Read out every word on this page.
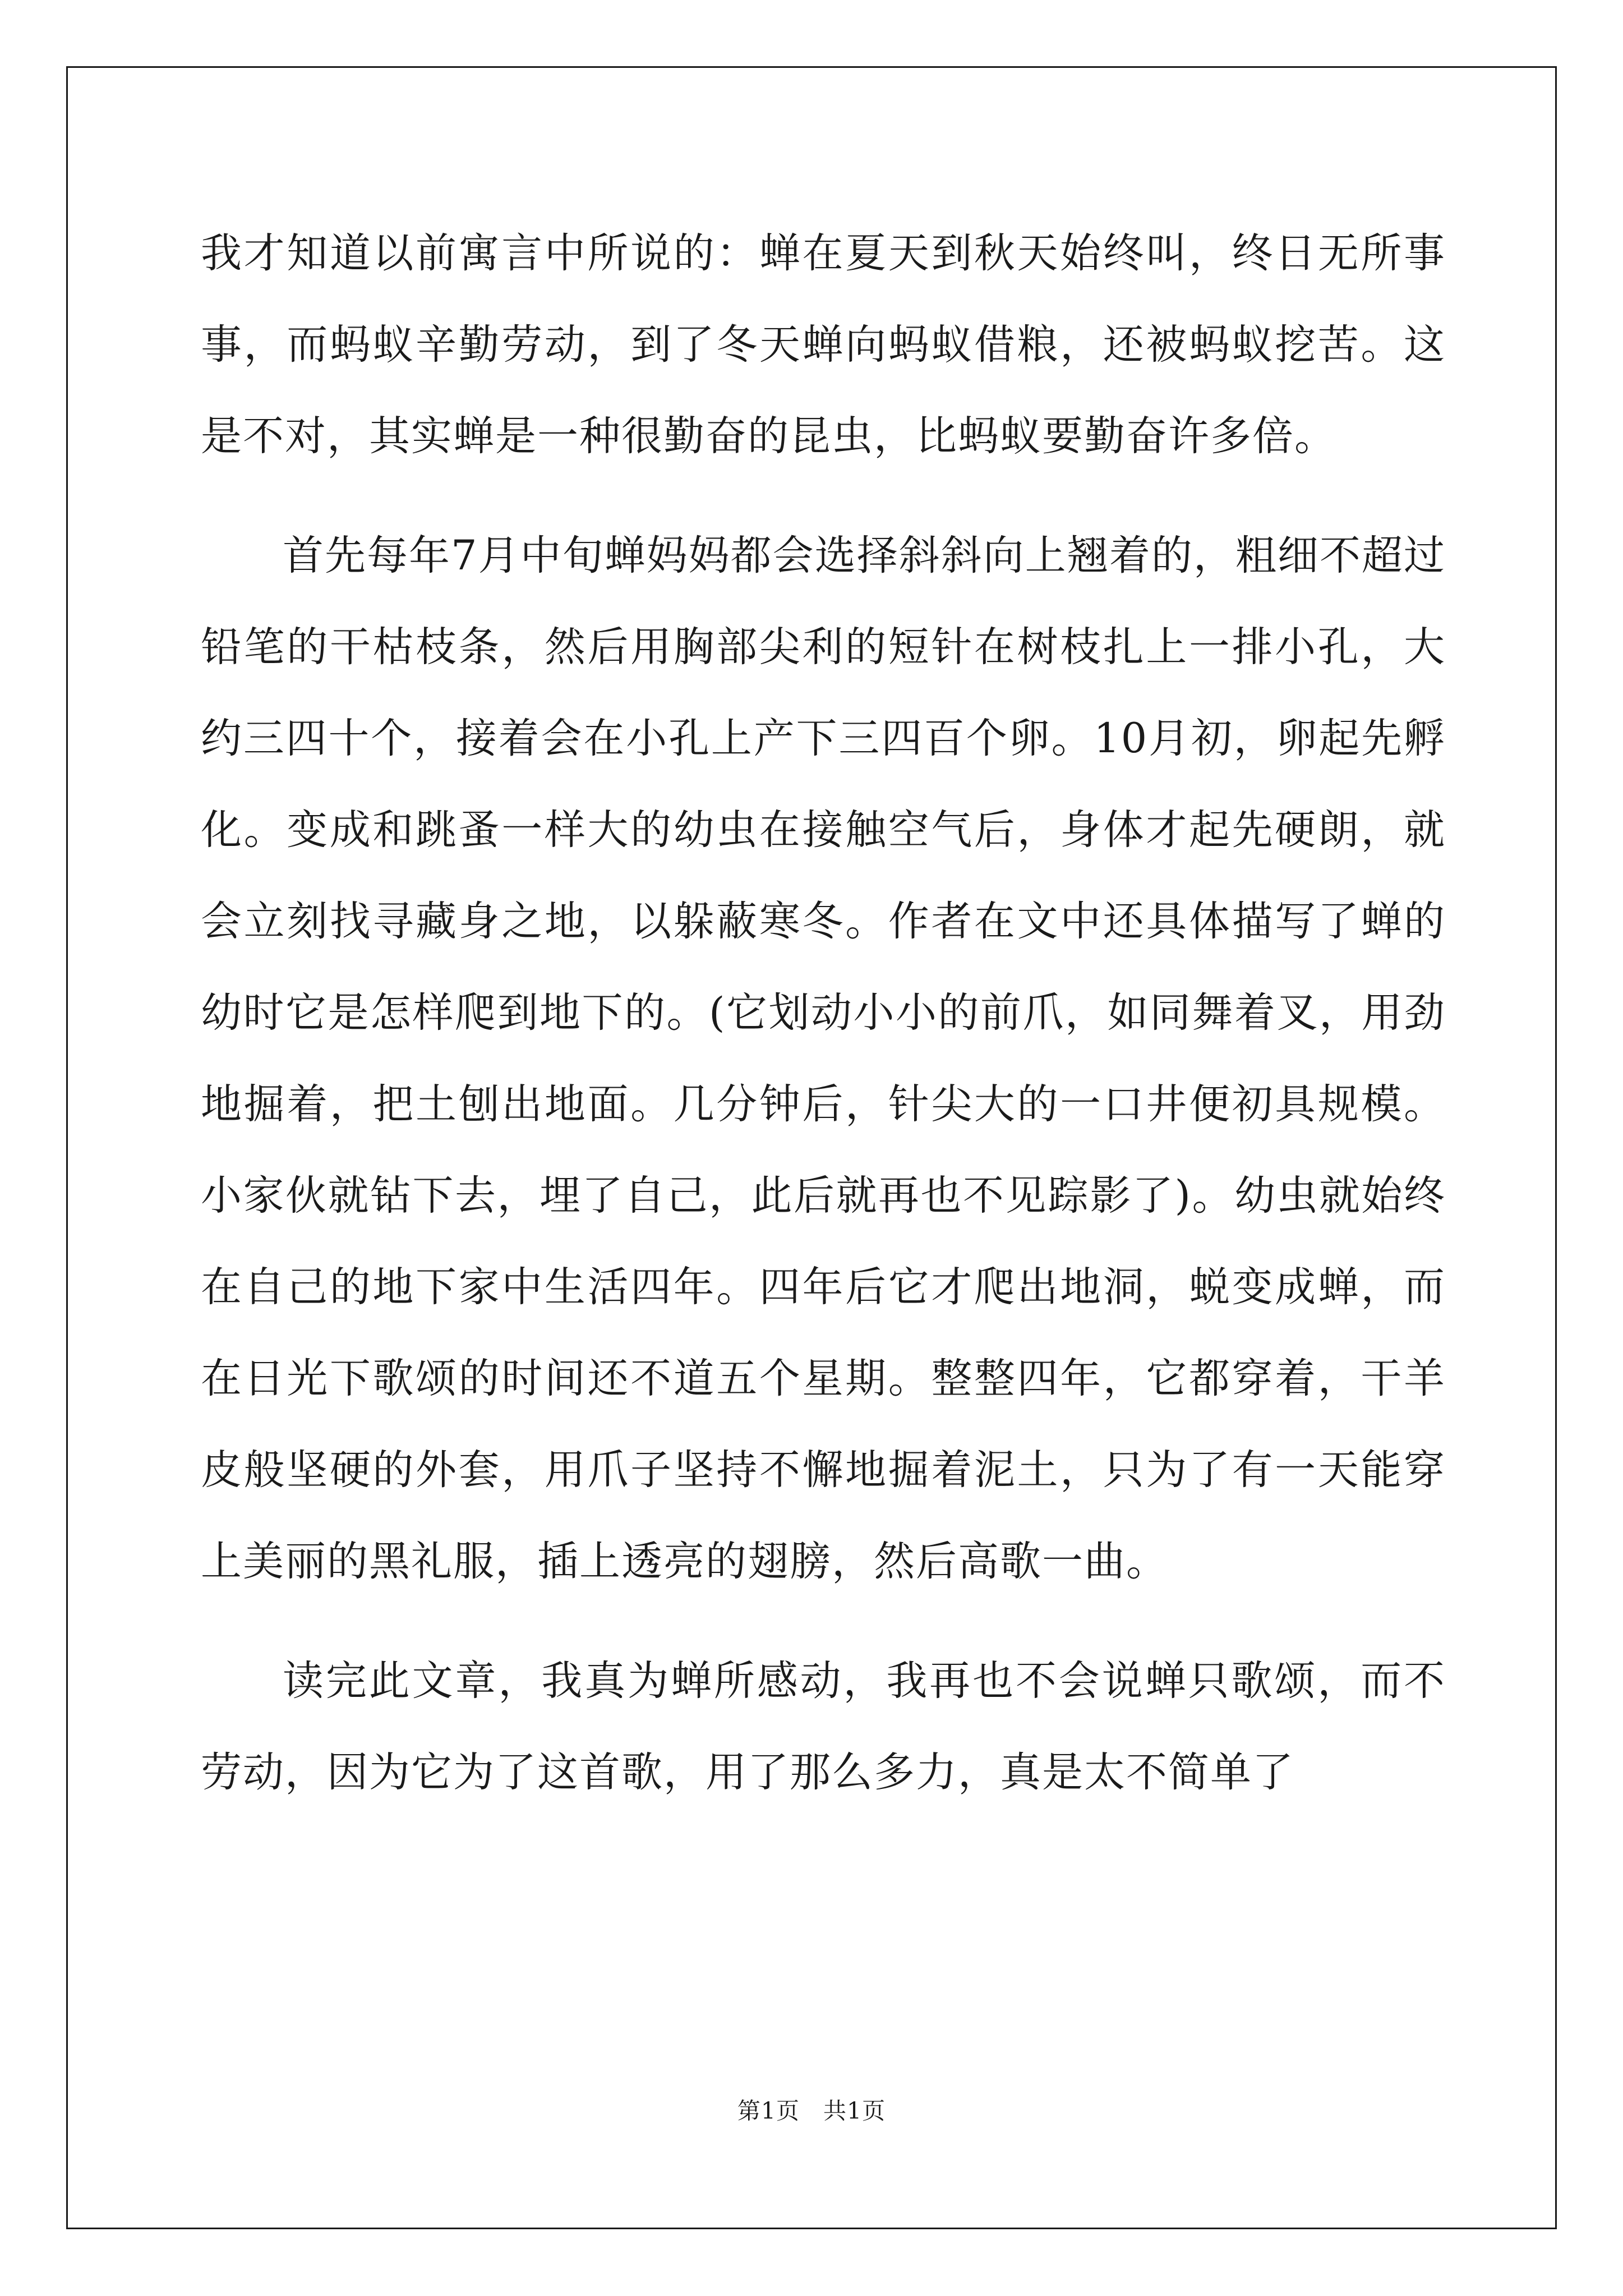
我才知道以前寓言中所说的：蝉在夏天到秋天始终叫，终日无所事事，而蚂蚁辛勤劳动，到了冬天蝉向蚂蚁借粮，还被蚂蚁挖苦。这是不对，其实蝉是一种很勤奋的昆虫，比蚂蚁要勤奋许多倍。

首先每年7月中旬蝉妈妈都会选择斜斜向上翘着的，粗细不超过铅笔的干枯枝条，然后用胸部尖利的短针在树枝扎上一排小孔，大约三四十个，接着会在小孔上产下三四百个卵。10月初，卵起先孵化。变成和跳蚤一样大的幼虫在接触空气后，身体才起先硬朗，就会立刻找寻藏身之地，以躲蔽寒冬。作者在文中还具体描写了蝉的幼时它是怎样爬到地下的。(它划动小小的前爪，如同舞着叉，用劲地掘着，把土刨出地面。几分钟后，针尖大的一口井便初具规模。小家伙就钻下去，埋了自己，此后就再也不见踪影了)。幼虫就始终在自己的地下家中生活四年。四年后它才爬出地洞，蜕变成蝉，而在日光下歌颂的时间还不道五个星期。整整四年，它都穿着，干羊皮般坚硬的外套，用爪子坚持不懈地掘着泥土，只为了有一天能穿上美丽的黑礼服，插上透亮的翅膀，然后高歌一曲。

读完此文章，我真为蝉所感动，我再也不会说蝉只歌颂，而不劳动，因为它为了这首歌，用了那么多力，真是太不简单了

第1页 共1页
